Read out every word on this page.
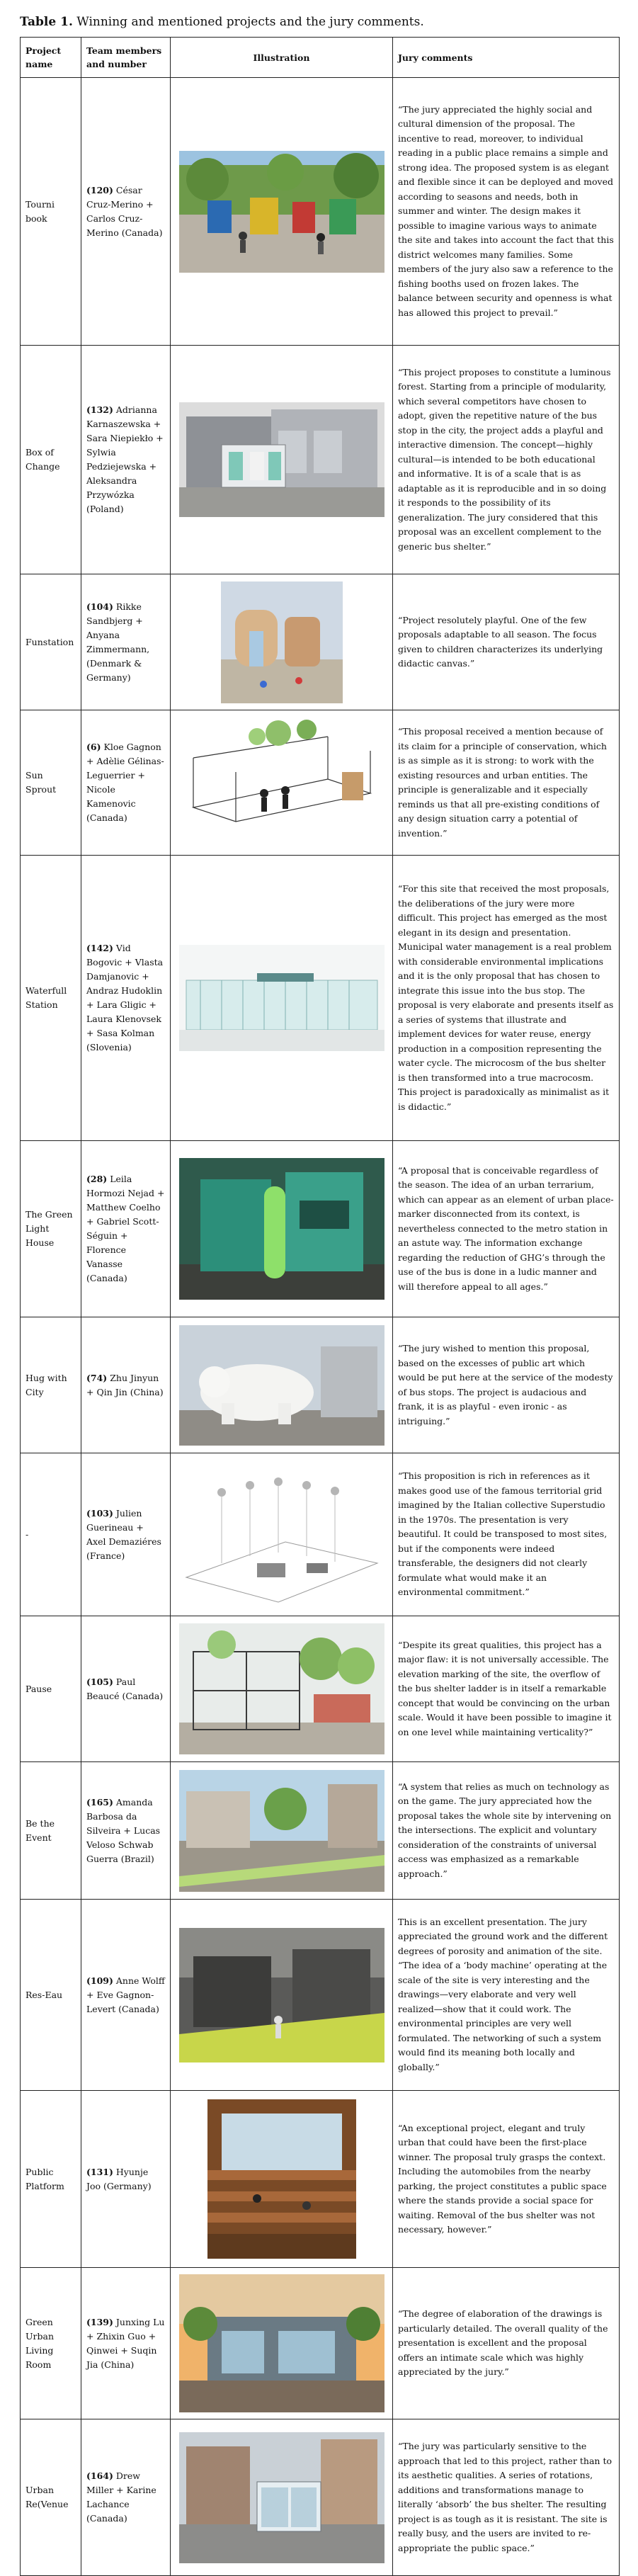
Table 1. Winning and mentioned projects and the jury comments.
Project name	Team members and number	Illustration	Jury comments
Tourni book	(120) César Cruz-Merino + Carlos Cruz-Merino (Canada)		“The jury appreciated the highly social and cultural dimension of the proposal. The incentive to read, moreover, to individual reading in a public place remains a simple and strong idea. The proposed system is as elegant and flexible since it can be deployed and moved according to seasons and needs, both in summer and winter. The design makes it possible to imagine various ways to animate the site and takes into account the fact that this district welcomes many families. Some members of the jury also saw a reference to the fishing booths used on frozen lakes. The balance between security and openness is what has allowed this project to prevail.”
Box of Change	(132) Adrianna Karnaszewska + Sara Niepiekło + Sylwia Pedziejewska + Aleksandra Przywózka (Poland)		“This project proposes to constitute a luminous forest. Starting from a principle of modularity, which several competitors have chosen to adopt, given the repetitive nature of the bus stop in the city, the project adds a playful and interactive dimension. The concept—highly cultural—is intended to be both educational and informative. It is of a scale that is as adaptable as it is reproducible and in so doing it responds to the possibility of its generalization. The jury considered that this proposal was an excellent complement to the generic bus shelter.”
Funstation	(104) Rikke Sandbjerg + Anyana Zimmermann, (Denmark & Germany)		“Project resolutely playful. One of the few proposals adaptable to all season. The focus given to children characterizes its underlying didactic canvas.”
Sun Sprout	(6) Kloe Gagnon + Adèlie Gélinas-Leguerrier + Nicole Kamenovic (Canada)		“This proposal received a mention because of its claim for a principle of conservation, which is as simple as it is strong: to work with the existing resources and urban entities. The principle is generalizable and it especially reminds us that all pre-existing conditions of any design situation carry a potential of invention.”
Waterfull Station	(142) Vid Bogovic + Vlasta Damjanovic + Andraz Hudoklin + Lara Gligic + Laura Klenovsek + Sasa Kolman (Slovenia)		“For this site that received the most proposals, the deliberations of the jury were more difficult. This project has emerged as the most elegant in its design and presentation. Municipal water management is a real problem with considerable environmental implications and it is the only proposal that has chosen to integrate this issue into the bus stop. The proposal is very elaborate and presents itself as a series of systems that illustrate and implement devices for water reuse, energy production in a composition representing the water cycle. The microcosm of the bus shelter is then transformed into a true macrocosm. This project is paradoxically as minimalist as it is didactic.”
The Green Light House	(28) Leila Hormozi Nejad + Matthew Coelho + Gabriel Scott-Séguin + Florence Vanasse (Canada)		“A proposal that is conceivable regardless of the season. The idea of an urban terrarium, which can appear as an element of urban place-marker disconnected from its context, is nevertheless connected to the metro station in an astute way. The information exchange regarding the reduction of GHG’s through the use of the bus is done in a ludic manner and will therefore appeal to all ages.”
Hug with City	(74) Zhu Jinyun + Qin Jin (China)		“The jury wished to mention this proposal, based on the excesses of public art which would be put here at the service of the modesty of bus stops. The project is audacious and frank, it is as playful - even ironic - as intriguing.”
-	(103) Julien Guerineau + Axel Demaziéres (France)		“This proposition is rich in references as it makes good use of the famous territorial grid imagined by the Italian collective Superstudio in the 1970s. The presentation is very beautiful. It could be transposed to most sites, but if the components were indeed transferable, the designers did not clearly formulate what would make it an environmental commitment.”
Pause	(105) Paul Beaucé (Canada)		“Despite its great qualities, this project has a major flaw: it is not universally accessible. The elevation marking of the site, the overflow of the bus shelter ladder is in itself a remarkable concept that would be convincing on the urban scale. Would it have been possible to imagine it on one level while maintaining verticality?”
Be the Event	(165) Amanda Barbosa da Silveira + Lucas Veloso Schwab Guerra (Brazil)		“A system that relies as much on technology as on the game. The jury appreciated how the proposal takes the whole site by intervening on the intersections. The explicit and voluntary consideration of the constraints of universal access was emphasized as a remarkable approach.”
Res-Eau	(109) Anne Wolff + Eve Gagnon-Levert (Canada)		This is an excellent presentation. The jury appreciated the ground work and the different degrees of porosity and animation of the site. “The idea of a ‘body machine’ operating at the scale of the site is very interesting and the drawings—very elaborate and very well realized—show that it could work. The environmental principles are very well formulated. The networking of such a system would find its meaning both locally and globally.”
Public Platform	(131) Hyunje Joo (Germany)		“An exceptional project, elegant and truly urban that could have been the first-place winner. The proposal truly grasps the context. Including the automobiles from the nearby parking, the project constitutes a public space where the stands provide a social space for waiting. Removal of the bus shelter was not necessary, however.”
Green Urban Living Room	(139) Junxing Lu + Zhixin Guo + Qinwei + Suqin Jia (China)		“The degree of elaboration of the drawings is particularly detailed. The overall quality of the presentation is excellent and the proposal offers an intimate scale which was highly appreciated by the jury.”
Urban Re(Venue	(164) Drew Miller + Karine Lachance (Canada)		“The jury was particularly sensitive to the approach that led to this project, rather than to its aesthetic qualities. A series of rotations, additions and transformations manage to literally ‘absorb’ the bus shelter. The resulting project is as tough as it is resistant. The site is really busy, and the users are invited to re-appropriate the public space.”
